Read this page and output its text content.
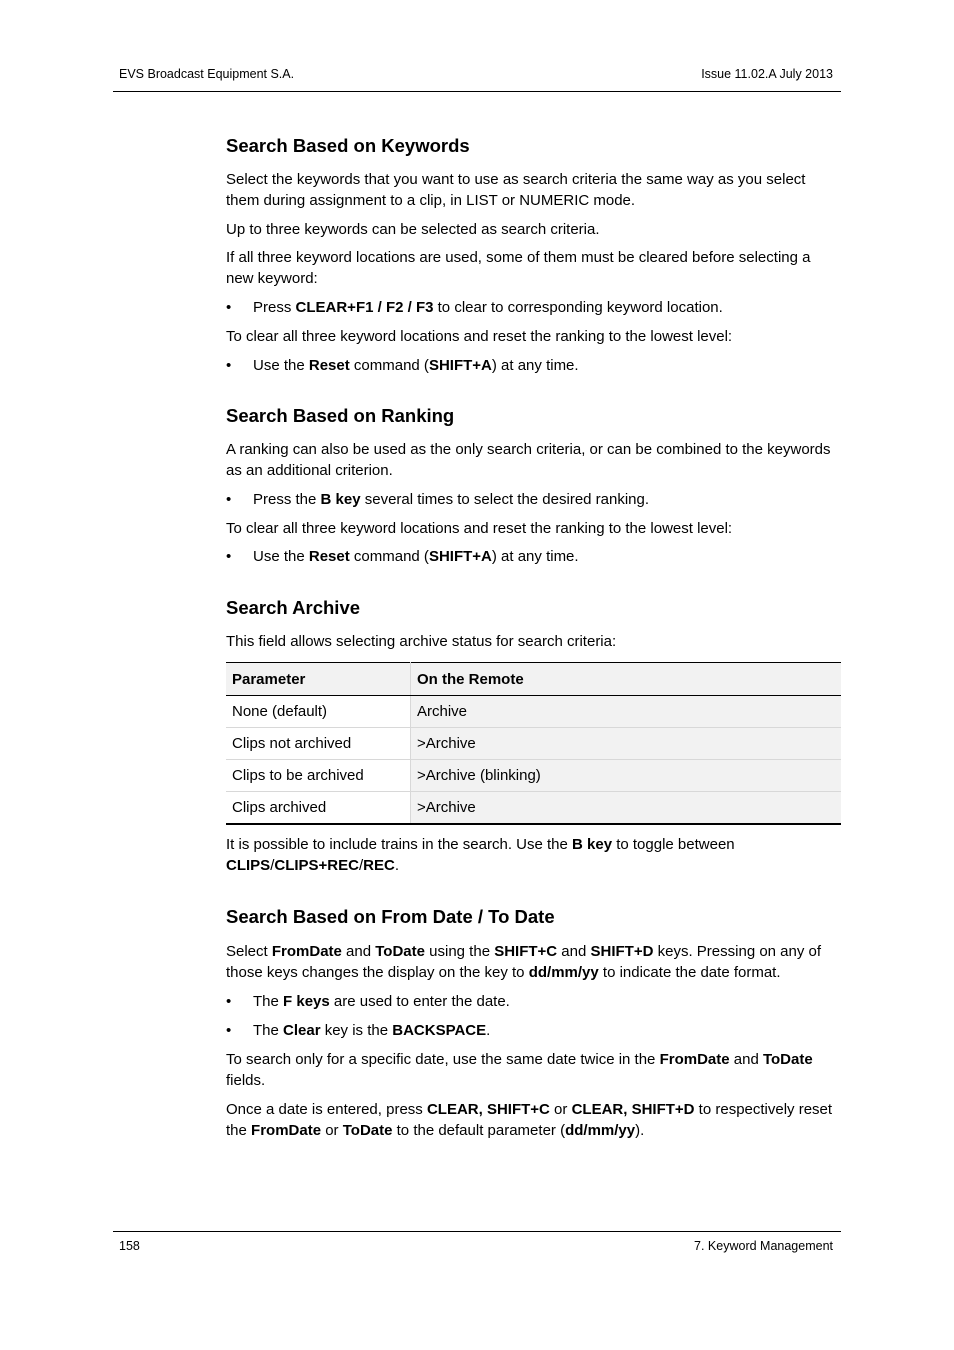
EVS Broadcast Equipment S.A.	Issue 11.02.A July 2013
Search Based on Keywords

Select the keywords that you want to use as search criteria the same way as you select them during assignment to a clip, in LIST or NUMERIC mode.

Up to three keywords can be selected as search criteria.

If all three keyword locations are used, some of them must be cleared before selecting a new keyword:

• Press CLEAR+F1 / F2 / F3 to clear to corresponding keyword location.

To clear all three keyword locations and reset the ranking to the lowest level:

• Use the Reset command (SHIFT+A) at any time.
Search Based on Ranking

A ranking can also be used as the only search criteria, or can be combined to the keywords as an additional criterion.

• Press the B key several times to select the desired ranking.

To clear all three keyword locations and reset the ranking to the lowest level:

• Use the Reset command (SHIFT+A) at any time.
Search Archive

This field allows selecting archive status for search criteria:

Parameter	On the Remote
None (default)	Archive
Clips not archived	>Archive
Clips to be archived	>Archive (blinking)
Clips archived	>Archive

It is possible to include trains in the search. Use the B key to toggle between CLIPS/CLIPS+REC/REC.

Search Based on From Date / To Date

Select FromDate and ToDate using the SHIFT+C and SHIFT+D keys. Pressing on any of those keys changes the display on the key to dd/mm/yy to indicate the date format.

• The F keys are used to enter the date.
• The Clear key is the BACKSPACE.

To search only for a specific date, use the same date twice in the FromDate and ToDate fields.

Once a date is entered, press CLEAR, SHIFT+C or CLEAR, SHIFT+D to respectively reset the FromDate or ToDate to the default parameter (dd/mm/yy).

158	7. Keyword Management
